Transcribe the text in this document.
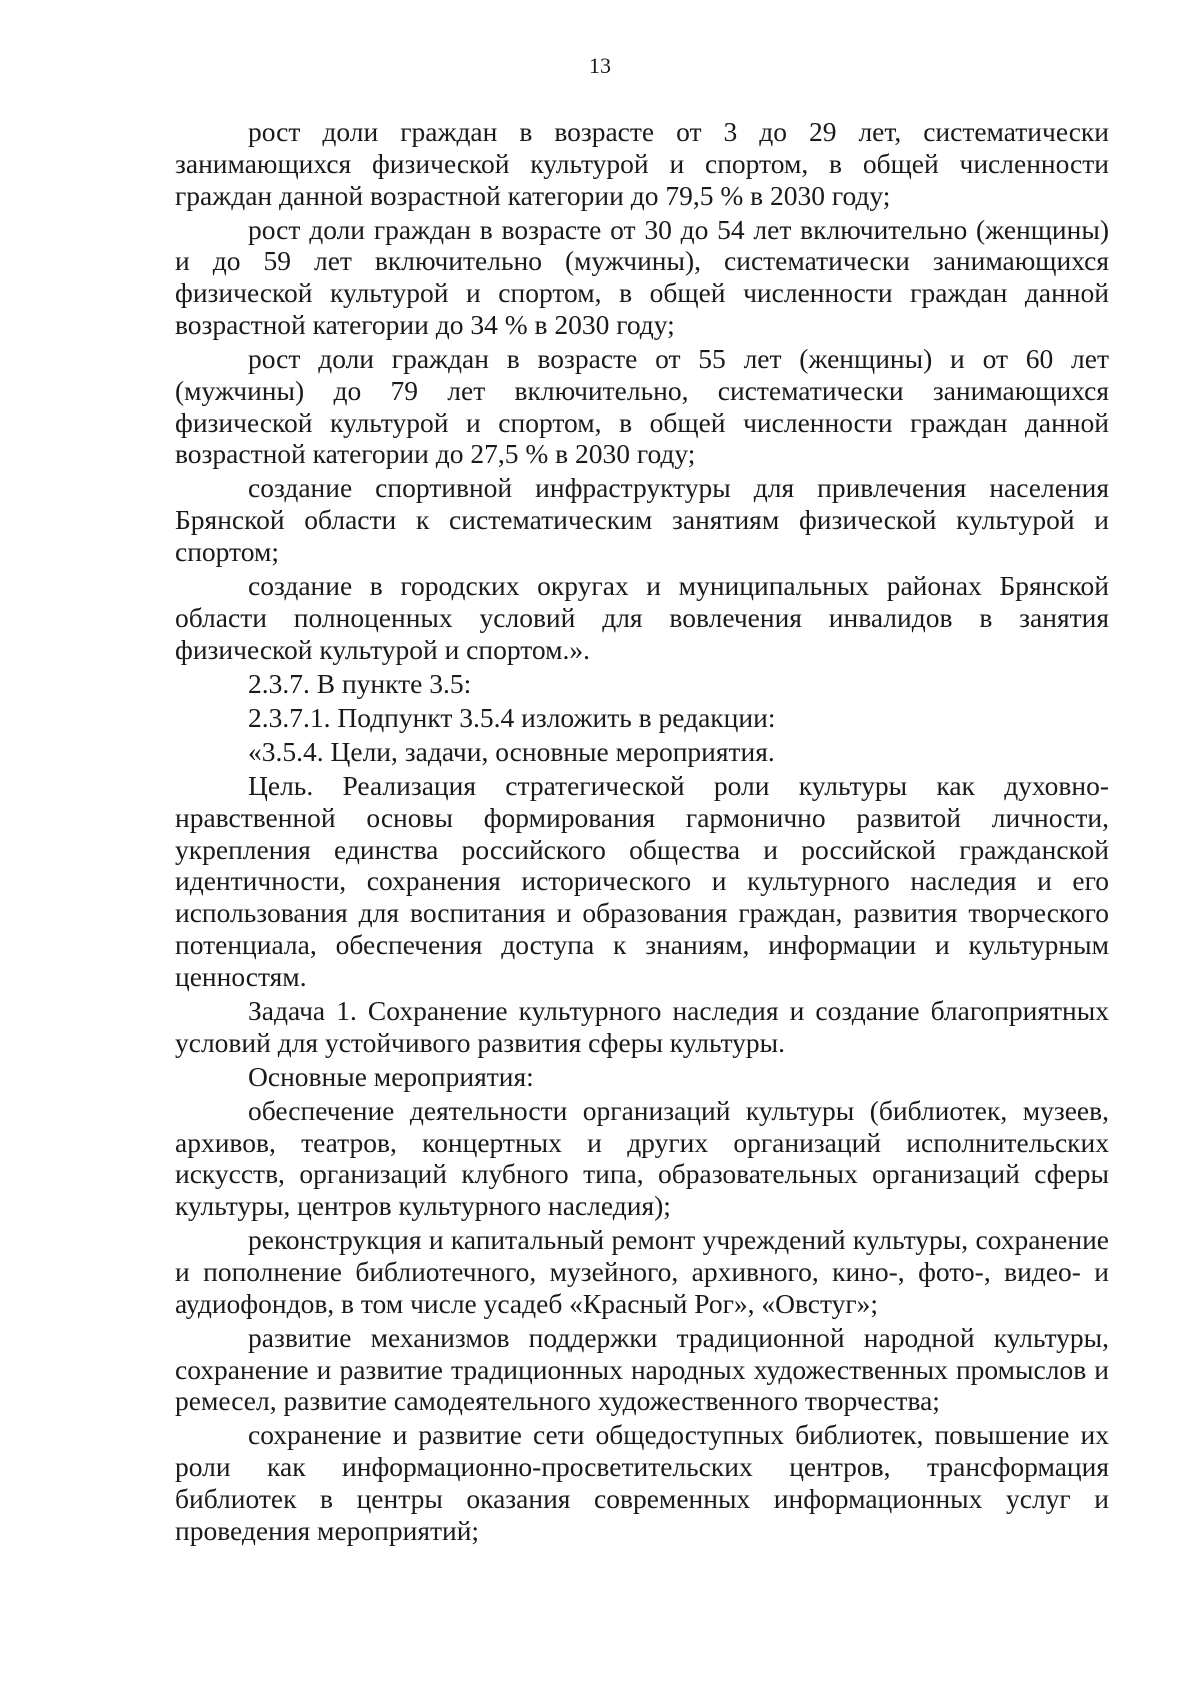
13

рост доли граждан в возрасте от 3 до 29 лет, систематически занимающихся физической культурой и спортом, в общей численности граждан данной возрастной категории до 79,5 % в 2030 году;

рост доли граждан в возрасте от 30 до 54 лет включительно (женщины) и до 59 лет включительно (мужчины), систематически занимающихся физической культурой и спортом, в общей численности граждан данной возрастной категории до 34 % в 2030 году;

рост доли граждан в возрасте от 55 лет (женщины) и от 60 лет (мужчины) до 79 лет включительно, систематически занимающихся физической культурой и спортом, в общей численности граждан данной возрастной категории до 27,5 % в 2030 году;

создание спортивной инфраструктуры для привлечения населения Брянской области к систематическим занятиям физической культурой и спортом;

создание в городских округах и муниципальных районах Брянской области полноценных условий для вовлечения инвалидов в занятия физической культурой и спортом.».

2.3.7. В пункте 3.5:

2.3.7.1. Подпункт 3.5.4 изложить в редакции:

«3.5.4. Цели, задачи, основные мероприятия.

Цель. Реализация стратегической роли культуры как духовно-нравственной основы формирования гармонично развитой личности, укрепления единства российского общества и российской гражданской идентичности, сохранения исторического и культурного наследия и его использования для воспитания и образования граждан, развития творческого потенциала, обеспечения доступа к знаниям, информации и культурным ценностям.

Задача 1. Сохранение культурного наследия и создание благоприятных условий для устойчивого развития сферы культуры.

Основные мероприятия:

обеспечение деятельности организаций культуры (библиотек, музеев, архивов, театров, концертных и других организаций исполнительских искусств, организаций клубного типа, образовательных организаций сферы культуры, центров культурного наследия);

реконструкция и капитальный ремонт учреждений культуры, сохранение и пополнение библиотечного, музейного, архивного, кино-, фото-, видео- и аудиофондов, в том числе усадеб «Красный Рог», «Овстуг»;

развитие механизмов поддержки традиционной народной культуры, сохранение и развитие традиционных народных художественных промыслов и ремесел, развитие самодеятельного художественного творчества;

сохранение и развитие сети общедоступных библиотек, повышение их роли как информационно-просветительских центров, трансформация библиотек в центры оказания современных информационных услуг и проведения мероприятий;
